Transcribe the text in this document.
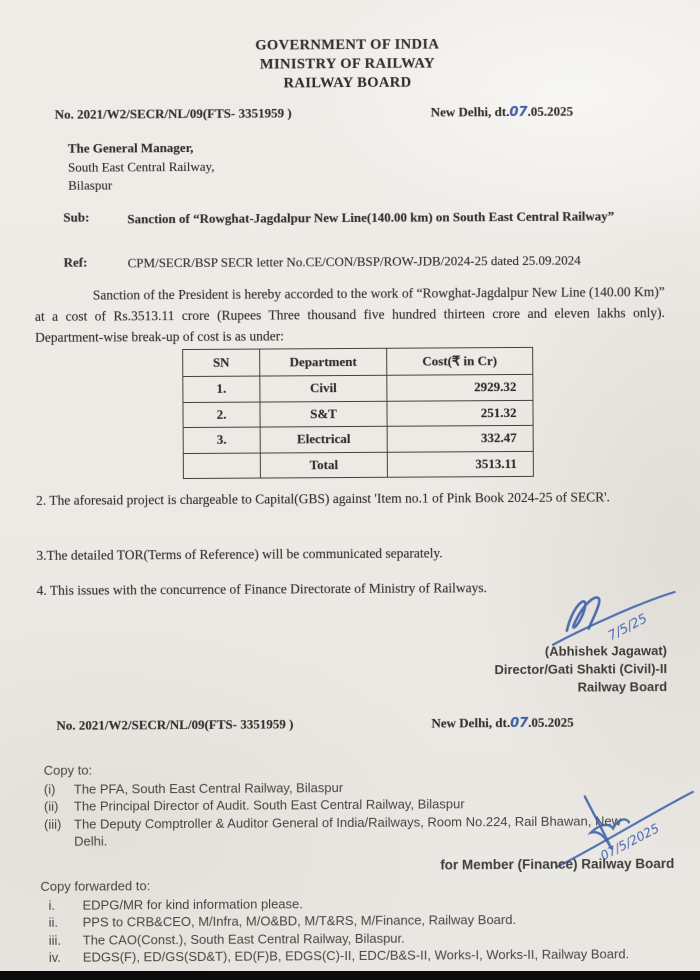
GOVERNMENT OF INDIA
MINISTRY OF RAILWAY
RAILWAY BOARD
No. 2021/W2/SECR/NL/09(FTS- 3351959 )	New Delhi, dt.07.05.2025
The General Manager,
South East Central Railway,
Bilaspur
Sub:	Sanction of “Rowghat-Jagdalpur New Line(140.00 km) on South East Central Railway”
Ref:	CPM/SECR/BSP SECR letter No.CE/CON/BSP/ROW-JDB/2024-25 dated 25.09.2024
Sanction of the President is hereby accorded to the work of “Rowghat-Jagdalpur New Line (140.00 Km)” at a cost of Rs.3513.11 crore (Rupees Three thousand five hundred thirteen crore and eleven lakhs only). Department-wise break-up of cost is as under:
SN	Department	Cost(₹ in Cr)
1.	Civil	2929.32
2.	S&T	251.32
3.	Electrical	332.47
	Total	3513.11
2. The aforesaid project is chargeable to Capital(GBS) against 'Item no.1 of Pink Book 2024-25 of SECR'.
3.The detailed TOR(Terms of Reference) will be communicated separately.
4. This issues with the concurrence of Finance Directorate of Ministry of Railways.
7/5/25
(Abhishek Jagawat)
Director/Gati Shakti (Civil)-II
Railway Board
No. 2021/W2/SECR/NL/09(FTS- 3351959 )	New Delhi, dt.07.05.2025
Copy to:
(i)	The PFA, South East Central Railway, Bilaspur
(ii)	The Principal Director of Audit. South East Central Railway, Bilaspur
(iii) The Deputy Comptroller & Auditor General of India/Railways, Room No.224, Rail Bhawan, New Delhi.	07/5/2025
for Member (Finance) Railway Board
Copy forwarded to:
i.	EDPG/MR for kind information please.
ii.	PPS to CRB&CEO, M/Infra, M/O&BD, M/T&RS, M/Finance, Railway Board.
iii.	The CAO(Const.), South East Central Railway, Bilaspur.
iv.	EDGS(F), ED/GS(SD&T), ED(F)B, EDGS(C)-II, EDC/B&S-II, Works-I, Works-II, Railway Board.
